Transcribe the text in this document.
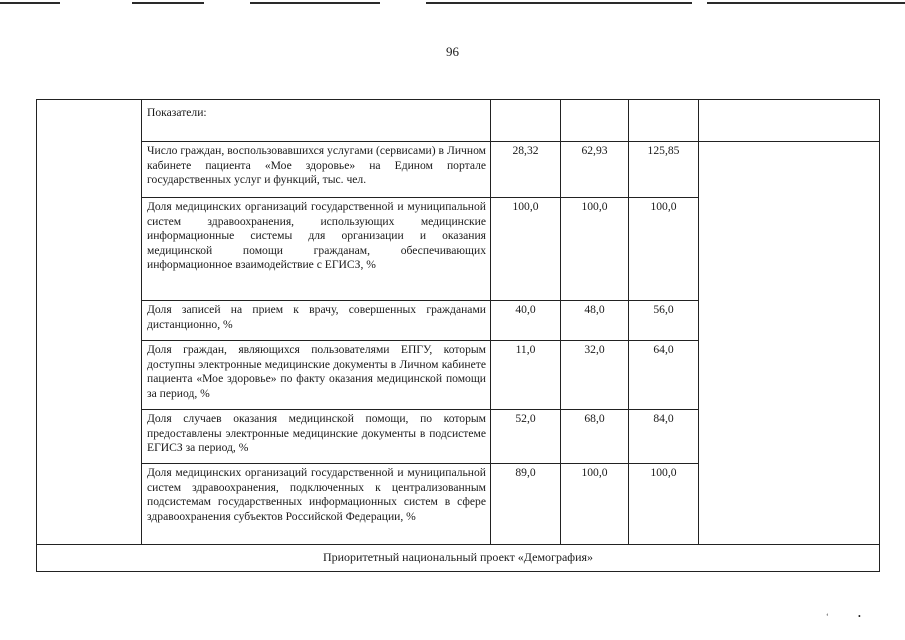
96
	Показатели:				
	Число граждан, воспользовавшихся услугами (сервисами) в Личном кабинете пациента «Мое здоровье» на Едином портале государственных услуг и функций, тыс. чел.	28,32	62,93	125,85	
	Доля медицинских организаций государственной и муниципальной систем здравоохранения, использующих медицинские информационные системы для организации и оказания медицинской помощи гражданам, обеспечивающих информационное взаимодействие с ЕГИСЗ, %	100,0	100,0	100,0	
	Доля записей на прием к врачу, совершенных гражданами дистанционно, %	40,0	48,0	56,0	
	Доля граждан, являющихся пользователями ЕПГУ, которым доступны электронные медицинские документы в Личном кабинете пациента «Мое здоровье» по факту оказания медицинской помощи за период, %	11,0	32,0	64,0	
	Доля случаев оказания медицинской помощи, по которым предоставлены электронные медицинские документы в подсистеме ЕГИСЗ за период, %	52,0	68,0	84,0	
	Доля медицинских организаций государственной и муниципальной систем здравоохранения, подключенных к централизованным подсистемам государственных информационных систем в сфере здравоохранения субъектов Российской Федерации, %	89,0	100,0	100,0	
Приоритетный национальный проект «Демография»					
‘	•
